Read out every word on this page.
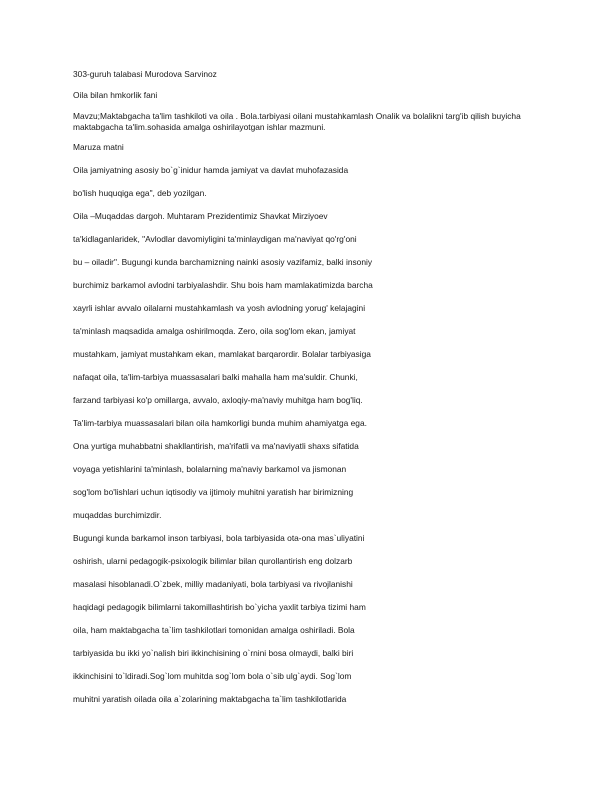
303-guruh talabasi Murodova Sarvinoz
Oila bilan hmkorlik fani
Mavzu;Maktabgacha ta'lim tashkiloti va oila . Bola.tarbiyasi oilani mustahkamlash Onalik va bolalikni targ'ib qilish buyicha maktabgacha ta'lim.sohasida amalga oshirilayotgan ishlar mazmuni.
Maruza matni
Oila jamiyatning asosiy bo`g`inidur hamda jamiyat va davlat muhofazasida
bo'lish huquqiga ega", deb yozilgan.
Oila –Muqaddas dargoh. Muhtaram Prezidentimiz Shavkat Mirziyoev
ta'kidlaganlaridek, "Avlodlar davomiyligini ta'minlaydigan ma'naviyat qo'rg'oni
bu – oiladir". Bugungi kunda barchamizning nainki asosiy vazifamiz, balki insoniy
burchimiz barkamol avlodni tarbiyalashdir. Shu bois ham mamlakatimizda barcha
xayrli ishlar avvalo oilalarni mustahkamlash va yosh avlodning yorug' kelajagini
ta'minlash maqsadida amalga oshirilmoqda. Zero, oila sog'lom ekan, jamiyat
mustahkam, jamiyat mustahkam ekan, mamlakat barqarordir. Bolalar tarbiyasiga
nafaqat oila, ta'lim-tarbiya muassasalari balki mahalla ham ma'suldir. Chunki,
farzand tarbiyasi ko'p omillarga, avvalo, axloqiy-ma'naviy muhitga ham bog'liq.
Ta'lim-tarbiya muassasalari bilan oila hamkorligi bunda muhim ahamiyatga ega.
Ona yurtiga muhabbatni shakllantirish, ma'rifatli va ma'naviyatli shaxs sifatida
voyaga yetishlarini ta'minlash, bolalarning ma'naviy barkamol va jismonan
sog'lom bo'lishlari uchun iqtisodiy va ijtimoiy muhitni yaratish har birimizning
muqaddas burchimizdir.
Bugungi kunda barkamol inson tarbiyasi, bola tarbiyasida ota-ona mas`uliyatini
oshirish, ularni pedagogik-psixologik bilimlar bilan qurollantirish eng dolzarb
masalasi hisoblanadi.O`zbek, milliy madaniyati, bola tarbiyasi va rivojlanishi
haqidagi pedagogik bilimlarni takomillashtirish bo`yicha yaxlit tarbiya tizimi ham
oila, ham maktabgacha ta`lim tashkilotlari tomonidan amalga oshiriladi. Bola
tarbiyasida bu ikki yo`nalish biri ikkinchisining o`rnini bosa olmaydi, balki biri
ikkinchisini to`ldiradi.Sog`lom muhitda sog`lom bola o`sib ulg`aydi. Sog`lom
muhitni yaratish oilada oila a`zolarining maktabgacha ta`lim tashkilotlarida
